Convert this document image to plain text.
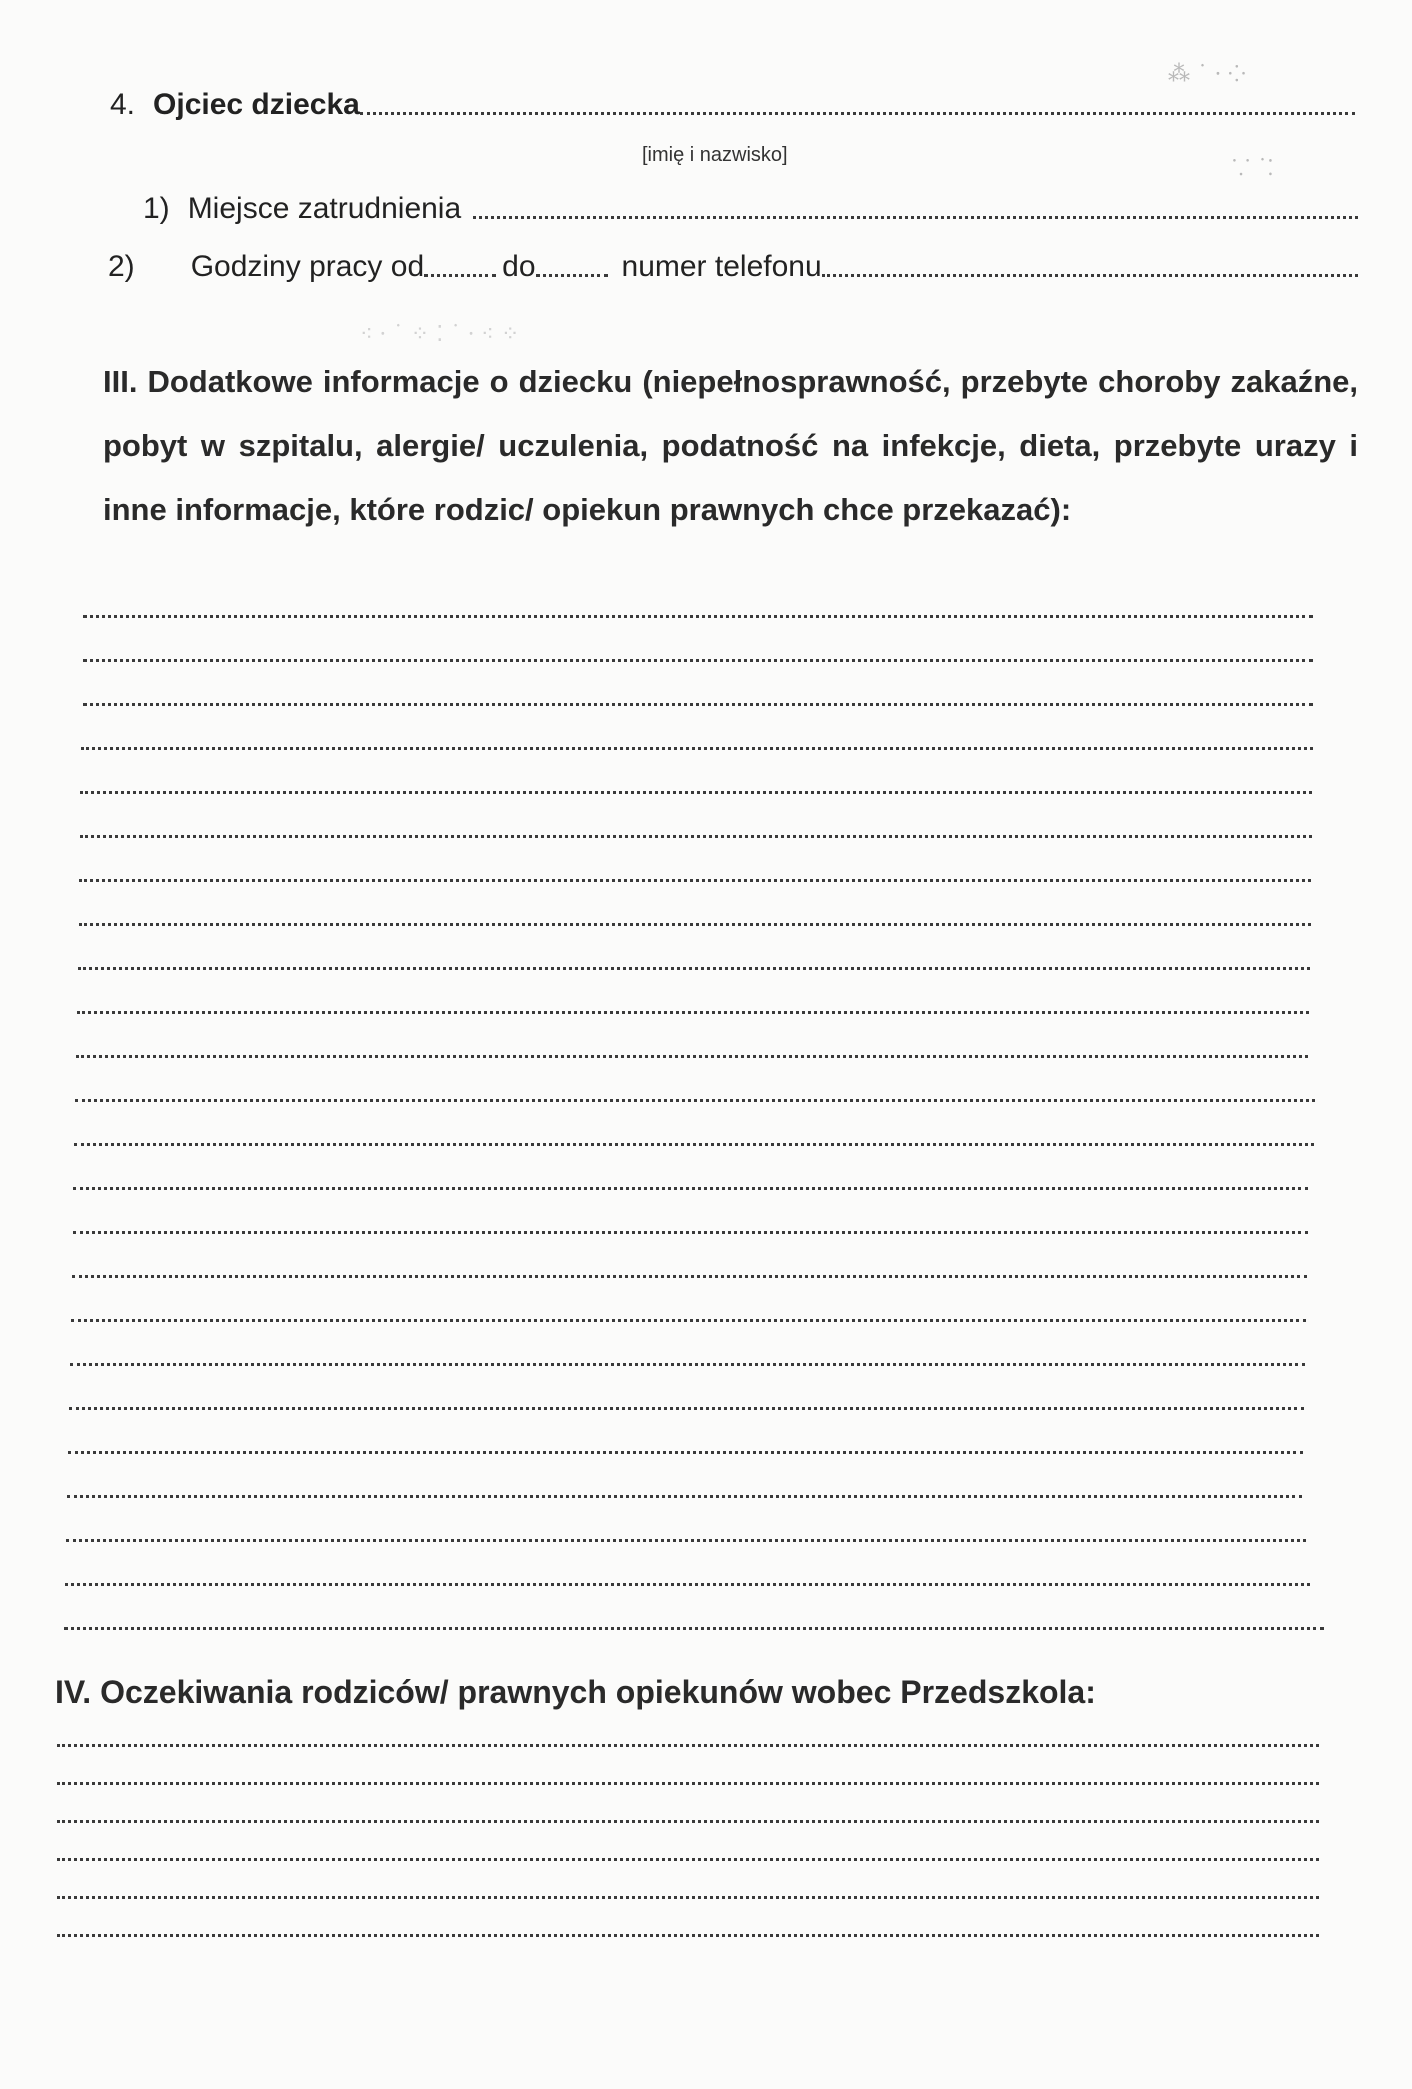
4. Ojciec dziecka
[imię i nazwisko]
1) Miejsce zatrudnienia
2) Godziny pracy od	do	numer telefonu
⁂ ˙ ⸱ ⁘
⸪ ˙⁚
⁖ ⸱ ˙ ⁘ ⁚ ˙ ⸱ ⁖ ⁘
III. Dodatkowe informacje o dziecku (niepełnosprawność, przebyte choroby zakaźne, pobyt w szpitalu, alergie/ uczulenia, podatność na infekcje, dieta, przebyte urazy i inne informacje, które rodzic/ opiekun prawnych chce przekazać):
IV. Oczekiwania rodziców/ prawnych opiekunów wobec Przedszkola:
